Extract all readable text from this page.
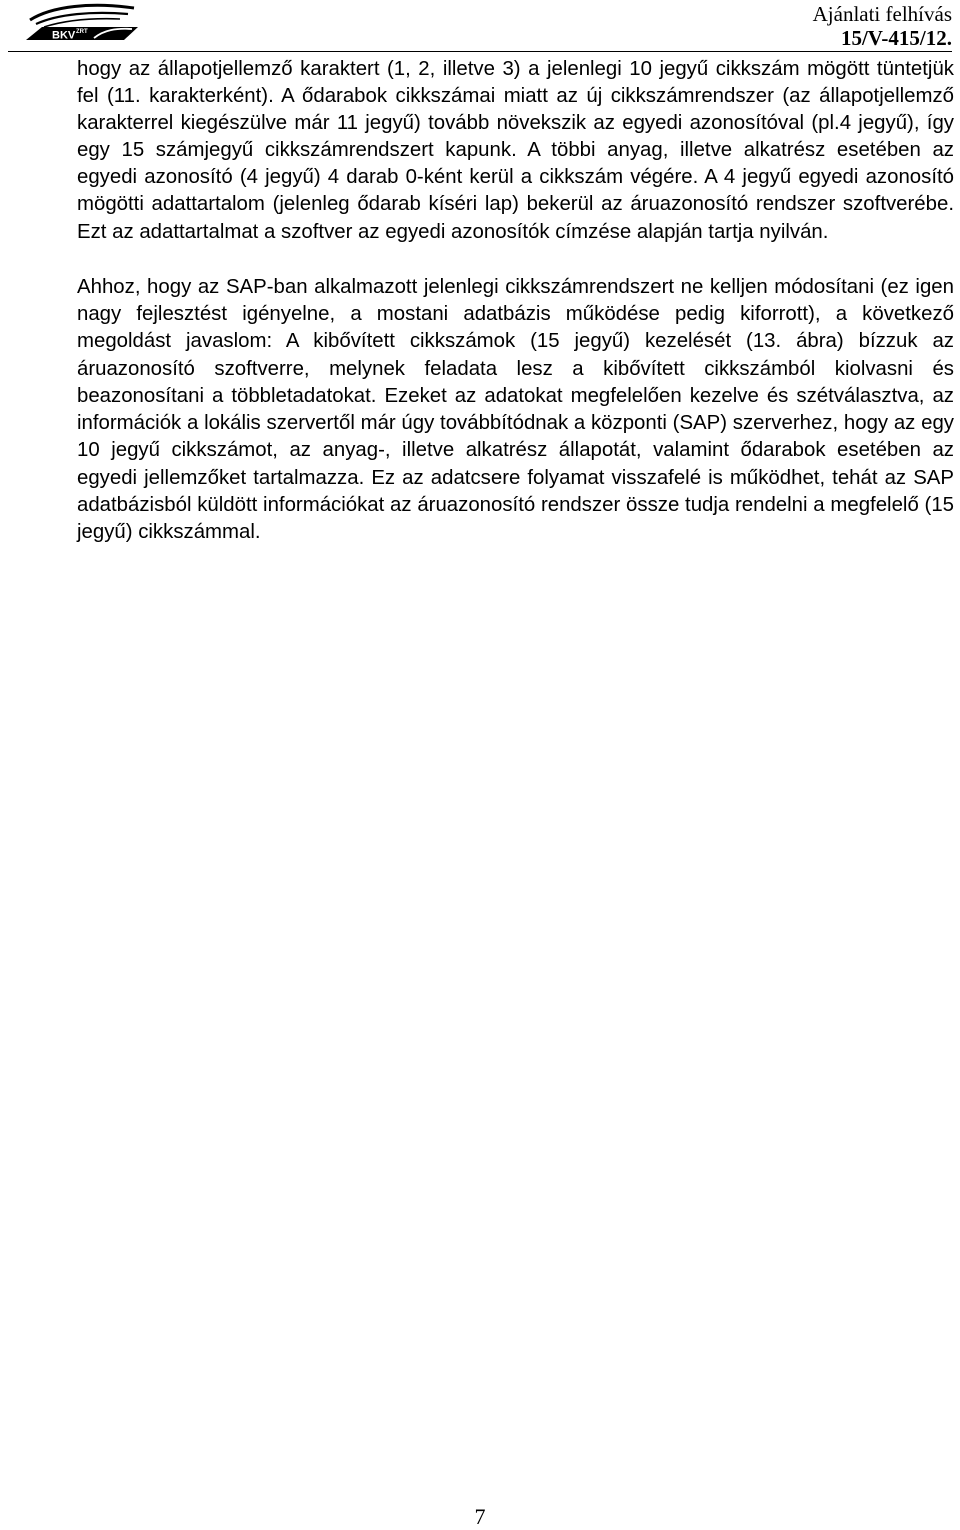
BKV ZRT
Ajánlati felhívás
15/V-415/12.

hogy az állapotjellemző karaktert (1, 2, illetve 3) a jelenlegi 10 jegyű cikkszám mögött tüntetjük fel (11. karakterként). A ődarabok cikkszámai miatt az új cikkszámrendszer (az állapotjellemző karakterrel kiegészülve már 11 jegyű) tovább növekszik az egyedi azonosítóval (pl.4 jegyű), így egy 15 számjegyű cikkszámrendszert kapunk. A többi anyag, illetve alkatrész esetében az egyedi azonosító (4 jegyű) 4 darab 0-ként kerül a cikkszám végére. A 4 jegyű egyedi azonosító mögötti adattartalom (jelenleg ődarab kíséri lap) bekerül az áruazonosító rendszer szoftverébe. Ezt az adattartalmat a szoftver az egyedi azonosítók címzése alapján tartja nyilván.

Ahhoz, hogy az SAP-ban alkalmazott jelenlegi cikkszámrendszert ne kelljen módosítani (ez igen nagy fejlesztést igényelne, a mostani adatbázis működése pedig kiforrott), a következő megoldást javaslom: A kibővített cikkszámok (15 jegyű) kezelését (13. ábra) bízzuk az áruazonosító szoftverre, melynek feladata lesz a kibővített cikkszámból kiolvasni és beazonosítani a többletadatokat. Ezeket az adatokat megfelelően kezelve és szétválasztva, az információk a lokális szervertől már úgy továbbítódnak a központi (SAP) szerverhez, hogy az egy 10 jegyű cikkszámot, az anyag-, illetve alkatrész állapotát, valamint ődarabok esetében az egyedi jellemzőket tartalmazza. Ez az adatcsere folyamat visszafelé is működhet, tehát az SAP adatbázisból küldött információkat az áruazonosító rendszer össze tudja rendelni a megfelelő (15 jegyű) cikkszámmal.

7
